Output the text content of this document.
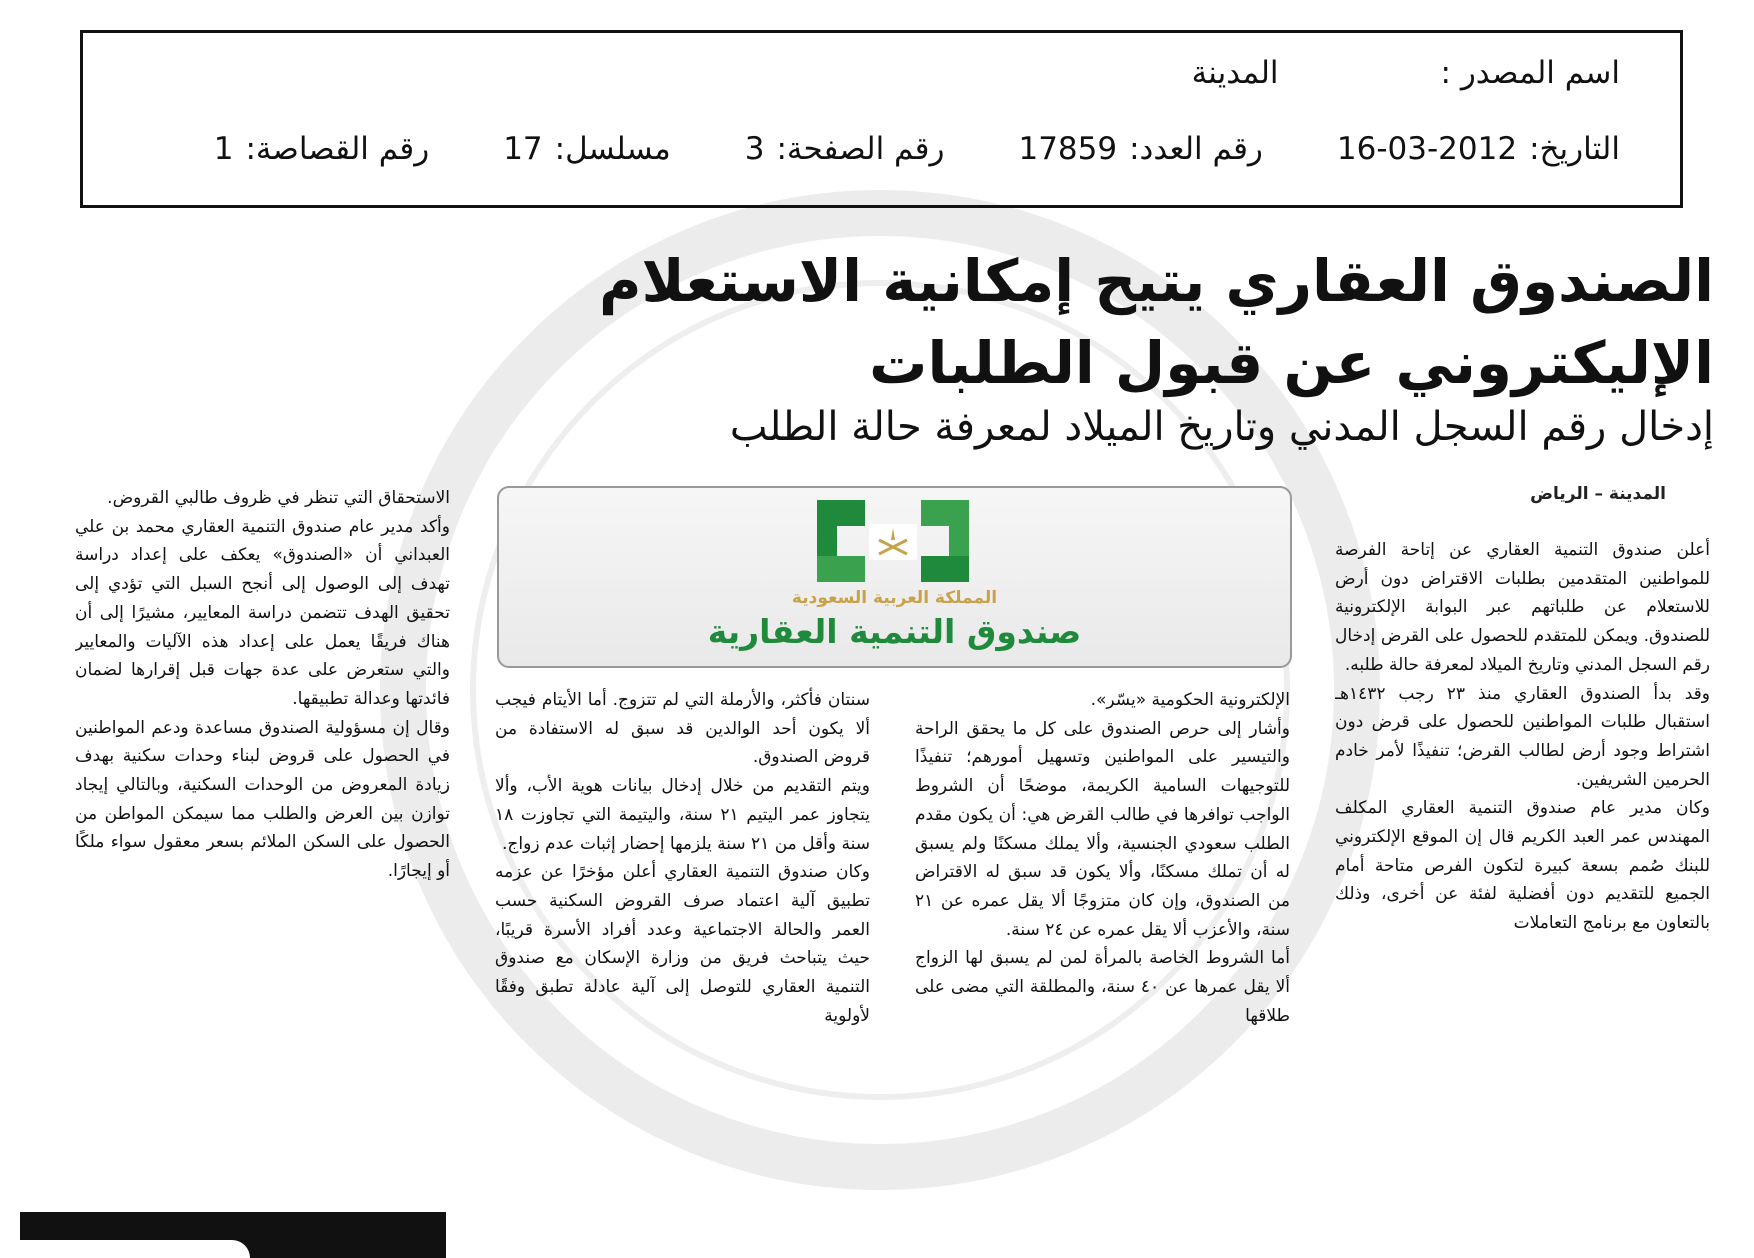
اسم المصدر :
المدينة
التاريخ:
16-03-2012
رقم العدد:
17859
رقم الصفحة:
3
مسلسل:
17
رقم القصاصة:
1
الصندوق العقاري يتيح إمكانية الاستعلام
الإليكتروني عن قبول الطلبات
إدخال رقم السجل المدني وتاريخ الميلاد لمعرفة حالة الطلب
المدينة – الرياض

أعلن صندوق التنمية العقاري عن إتاحة الفرصة للمواطنين المتقدمين بطلبات الاقتراض دون أرض للاستعلام عن طلباتهم عبر البوابة الإلكترونية للصندوق. ويمكن للمتقدم للحصول على القرض إدخال رقم السجل المدني وتاريخ الميلاد لمعرفة حالة طلبه.

وقد بدأ الصندوق العقاري منذ ٢٣ رجب ١٤٣٢هـ استقبال طلبات المواطنين للحصول على قرض دون اشتراط وجود أرض لطالب القرض؛ تنفيذًا لأمر خادم الحرمين الشريفين.

وكان مدير عام صندوق التنمية العقاري المكلف المهندس عمر العبد الكريم قال إن الموقع الإلكتروني للبنك صُمم بسعة كبيرة لتكون الفرص متاحة أمام الجميع للتقديم دون أفضلية لفئة عن أخرى، وذلك بالتعاون مع برنامج التعاملات

المملكة العربية السعودية
صندوق التنمية العقارية

الإلكترونية الحكومية «يسّر».

وأشار إلى حرص الصندوق على كل ما يحقق الراحة والتيسير على المواطنين وتسهيل أمورهم؛ تنفيذًا للتوجيهات السامية الكريمة، موضحًا أن الشروط الواجب توافرها في طالب القرض هي: أن يكون مقدم الطلب سعودي الجنسية، وألا يملك مسكنًا ولم يسبق له أن تملك مسكنًا، وألا يكون قد سبق له الاقتراض من الصندوق، وإن كان متزوجًا ألا يقل عمره عن ٢١ سنة، والأعزب ألا يقل عمره عن ٢٤ سنة.

أما الشروط الخاصة بالمرأة لمن لم يسبق لها الزواج ألا يقل عمرها عن ٤٠ سنة، والمطلقة التي مضى على طلاقها

سنتان فأكثر، والأرملة التي لم تتزوج. أما الأيتام فيجب ألا يكون أحد الوالدين قد سبق له الاستفادة من قروض الصندوق.

ويتم التقديم من خلال إدخال بيانات هوية الأب، وألا يتجاوز عمر اليتيم ٢١ سنة، واليتيمة التي تجاوزت ١٨ سنة وأقل من ٢١ سنة يلزمها إحضار إثبات عدم زواج.

وكان صندوق التنمية العقاري أعلن مؤخرًا عن عزمه تطبيق آلية اعتماد صرف القروض السكنية حسب العمر والحالة الاجتماعية وعدد أفراد الأسرة قريبًا، حيث يتباحث فريق من وزارة الإسكان مع صندوق التنمية العقاري للتوصل إلى آلية عادلة تطبق وفقًا لأولوية

الاستحقاق التي تنظر في ظروف طالبي القروض.

وأكد مدير عام صندوق التنمية العقاري محمد بن علي العبداني أن «الصندوق» يعكف على إعداد دراسة تهدف إلى الوصول إلى أنجح السبل التي تؤدي إلى تحقيق الهدف تتضمن دراسة المعايير، مشيرًا إلى أن هناك فريقًا يعمل على إعداد هذه الآليات والمعايير والتي ستعرض على عدة جهات قبل إقرارها لضمان فائدتها وعدالة تطبيقها.

وقال إن مسؤولية الصندوق مساعدة ودعم المواطنين في الحصول على قروض لبناء وحدات سكنية بهدف زيادة المعروض من الوحدات السكنية، وبالتالي إيجاد توازن بين العرض والطلب مما سيمكن المواطن من الحصول على السكن الملائم بسعر معقول سواء ملكًا أو إيجارًا.
